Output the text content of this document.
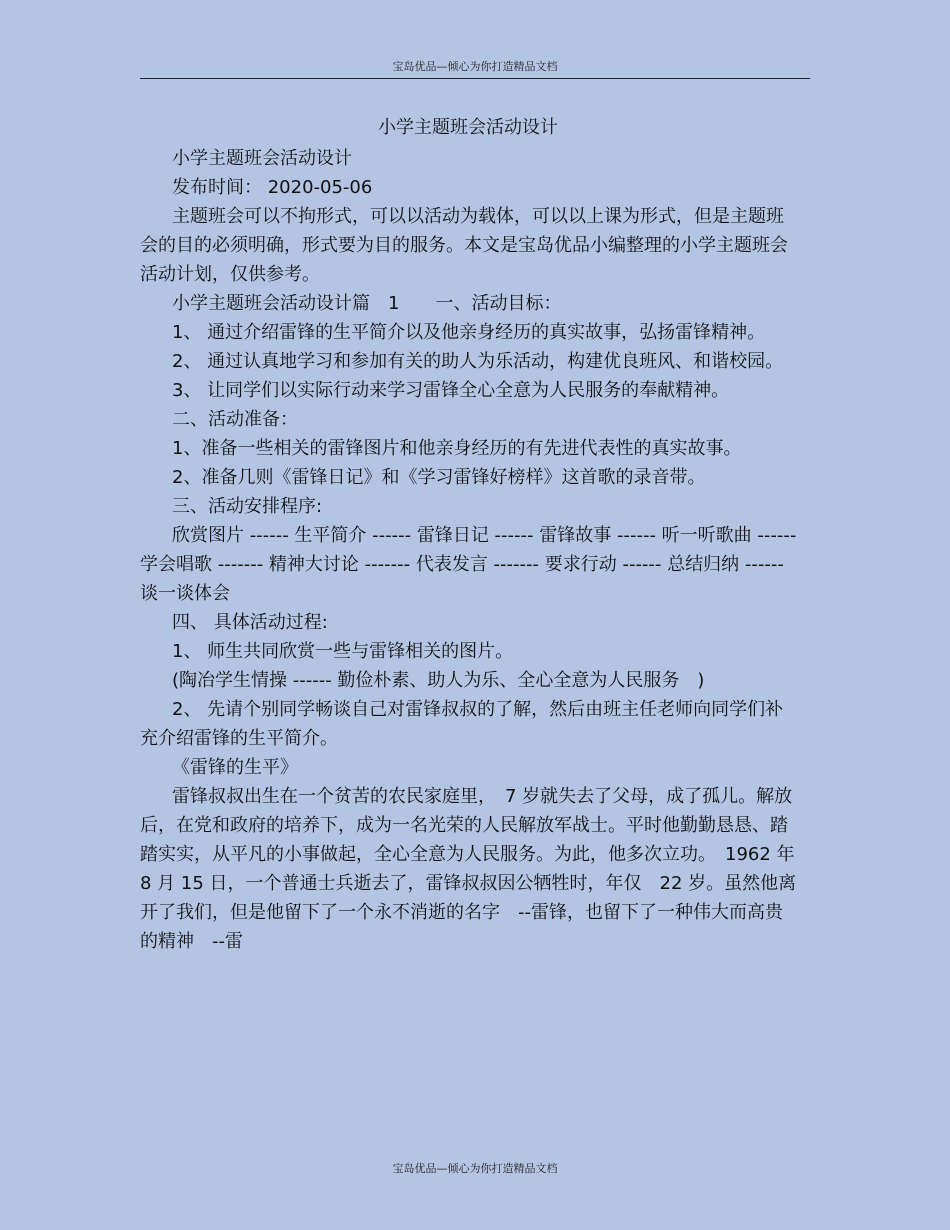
宝岛优品—倾心为你打造精品文档
小学主题班会活动设计

小学主题班会活动设计

发布时间： 2020-05-06

主题班会可以不拘形式，可以以活动为载体，可以以上课为形式，但是主题班会的目的必须明确，形式要为目的服务。本文是宝岛优品小编整理的小学主题班会活动计划，仅供参考。

小学主题班会活动设计篇　1　　一、活动目标：

1、 通过介绍雷锋的生平简介以及他亲身经历的真实故事，弘扬雷锋精神。

2、 通过认真地学习和参加有关的助人为乐活动，构建优良班风、和谐校园。

3、 让同学们以实际行动来学习雷锋全心全意为人民服务的奉献精神。

二、活动准备：

1、准备一些相关的雷锋图片和他亲身经历的有先进代表性的真实故事。

2、准备几则《雷锋日记》和《学习雷锋好榜样》这首歌的录音带。

三、活动安排程序:

欣赏图片 ------ 生平简介 ------ 雷锋日记 ------ 雷锋故事 ------ 听一听歌曲 ------ 学会唱歌 ------- 精神大讨论 ------- 代表发言 ------- 要求行动 ------ 总结归纳 ------ 谈一谈体会

四、 具体活动过程:

1、 师生共同欣赏一些与雷锋相关的图片。

(陶冶学生情操 ------ 勤俭朴素、助人为乐、全心全意为人民服务　)

2、 先请个别同学畅谈自己对雷锋叔叔的了解，然后由班主任老师向同学们补充介绍雷锋的生平简介。

《雷锋的生平》

雷锋叔叔出生在一个贫苦的农民家庭里，　7 岁就失去了父母，成了孤儿。解放后，在党和政府的培养下，成为一名光荣的人民解放军战士。平时他勤勤恳恳、踏踏实实，从平凡的小事做起，全心全意为人民服务。为此，他多次立功。　1962 年 8 月 15 日，一个普通士兵逝去了，雷锋叔叔因公牺牲时，年仅　22 岁。虽然他离开了我们，但是他留下了一个永不消逝的名字　--雷锋，也留下了一种伟大而高贵的精神　--雷

宝岛优品—倾心为你打造精品文档
